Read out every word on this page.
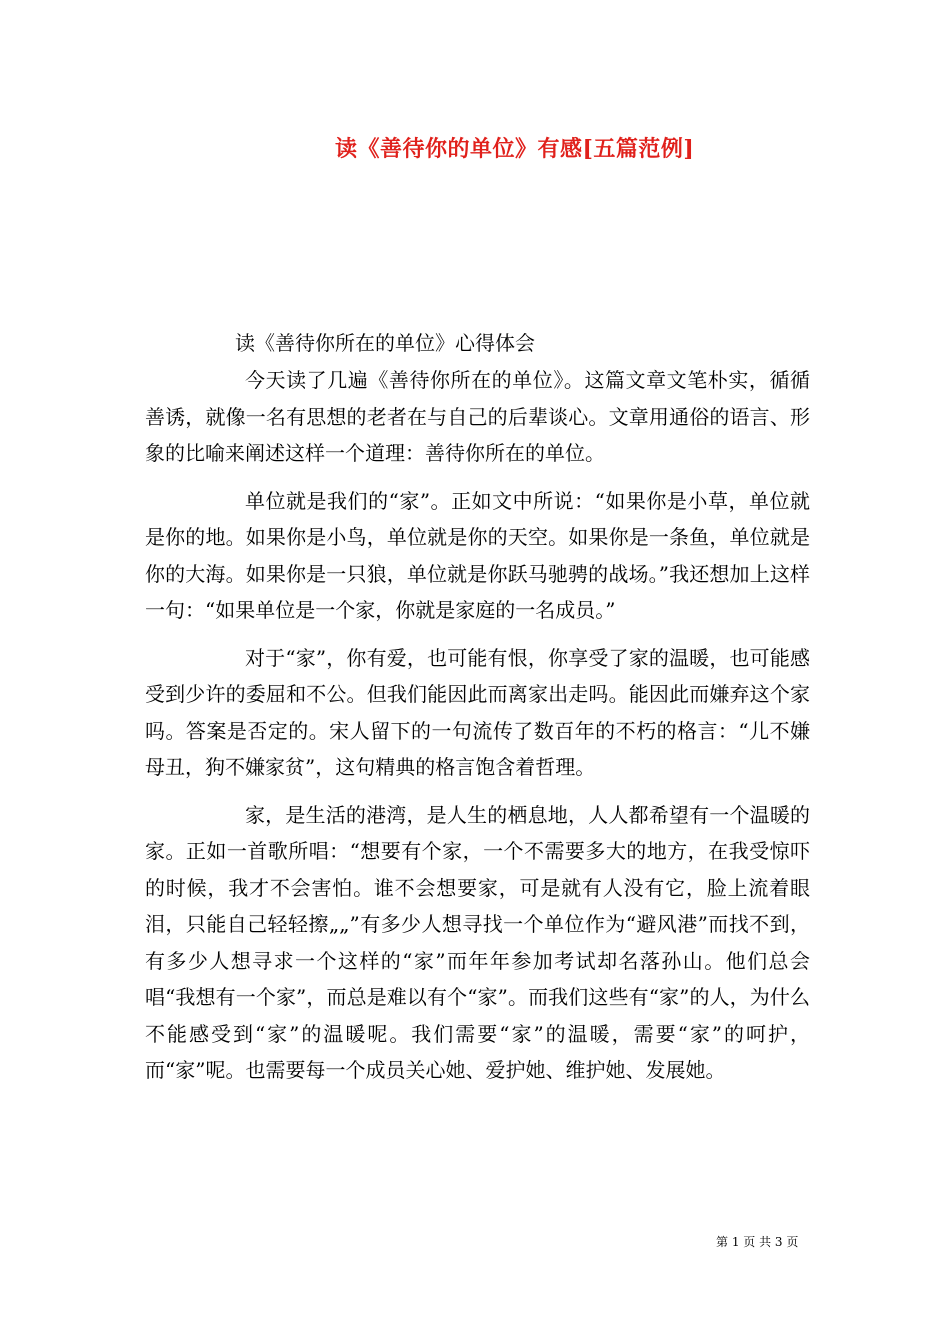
读《善待你的单位》有感[五篇范例]
读《善待你所在的单位》心得体会

今天读了几遍《善待你所在的单位》。这篇文章文笔朴实，循循善诱，就像一名有思想的老者在与自己的后辈谈心。文章用通俗的语言、形象的比喻来阐述这样一个道理：善待你所在的单位。

单位就是我们的“家”。正如文中所说：“如果你是小草，单位就是你的地。如果你是小鸟，单位就是你的天空。如果你是一条鱼，单位就是你的大海。如果你是一只狼，单位就是你跃马驰骋的战场。”我还想加上这样一句：“如果单位是一个家，你就是家庭的一名成员。”

对于“家”，你有爱，也可能有恨，你享受了家的温暖，也可能感受到少许的委屈和不公。但我们能因此而离家出走吗。能因此而嫌弃这个家吗。答案是否定的。宋人留下的一句流传了数百年的不朽的格言：“儿不嫌母丑，狗不嫌家贫”，这句精典的格言饱含着哲理。

家，是生活的港湾，是人生的栖息地，人人都希望有一个温暖的家。正如一首歌所唱：“想要有个家，一个不需要多大的地方，在我受惊吓的时候，我才不会害怕。谁不会想要家，可是就有人没有它，脸上流着眼泪，只能自己轻轻擦„„”有多少人想寻找一个单位作为“避风港”而找不到，有多少人想寻求一个这样的“家”而年年参加考试却名落孙山。他们总会唱“我想有一个家”，而总是难以有个“家”。而我们这些有“家”的人，为什么不能感受到“家”的温暖呢。我们需要“家”的温暖，需要“家”的呵护，而“家”呢。也需要每一个成员关心她、爱护她、维护她、发展她。

第 1 页 共 3 页
